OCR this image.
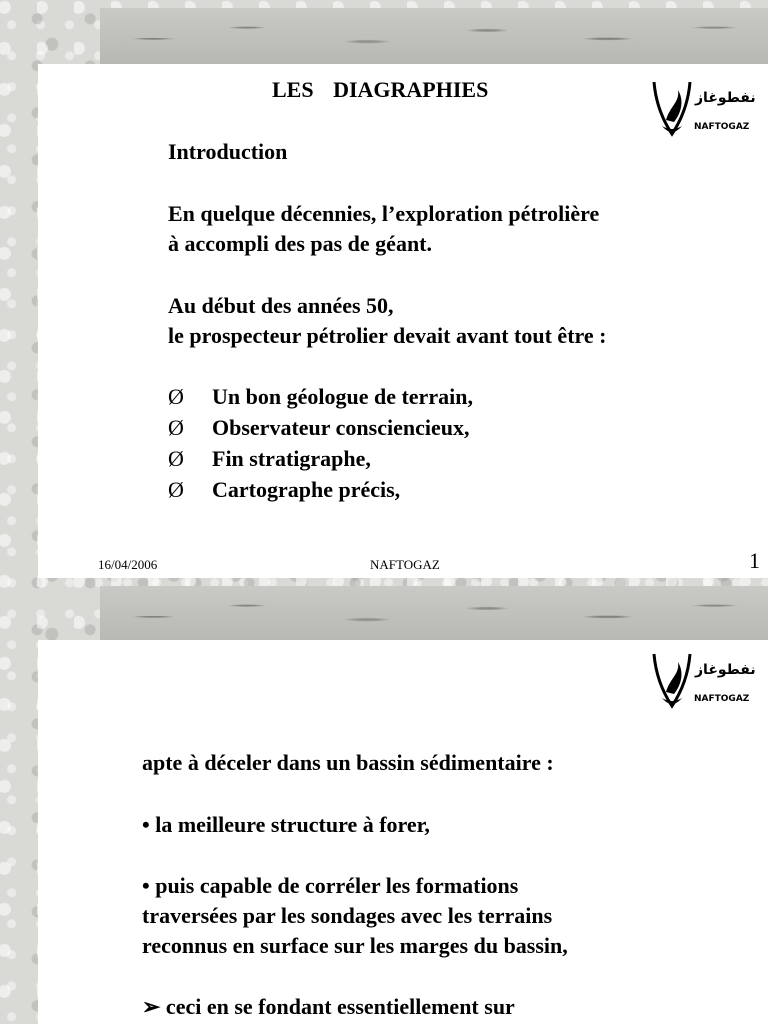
LES DIAGRAPHIES	نفطوغاز
NAFTOGAZ
Introduction
En quelque décennies, l’exploration pétrolière
à accompli des pas de géant.
Au début des années 50,
le prospecteur pétrolier devait avant tout être :
Ø Un bon géologue de terrain,
Ø Observateur consciencieux,
Ø Fin stratigraphe,
Ø Cartographe précis,
16/04/2006	NAFTOGAZ	1
نفطوغاز
NAFTOGAZ
apte à déceler dans un bassin sédimentaire :
• la meilleure structure à forer,
• puis capable de corréler les formations
traversées par les sondages avec les terrains
reconnus en surface sur les marges du bassin,
➢ ceci en se fondant essentiellement sur
